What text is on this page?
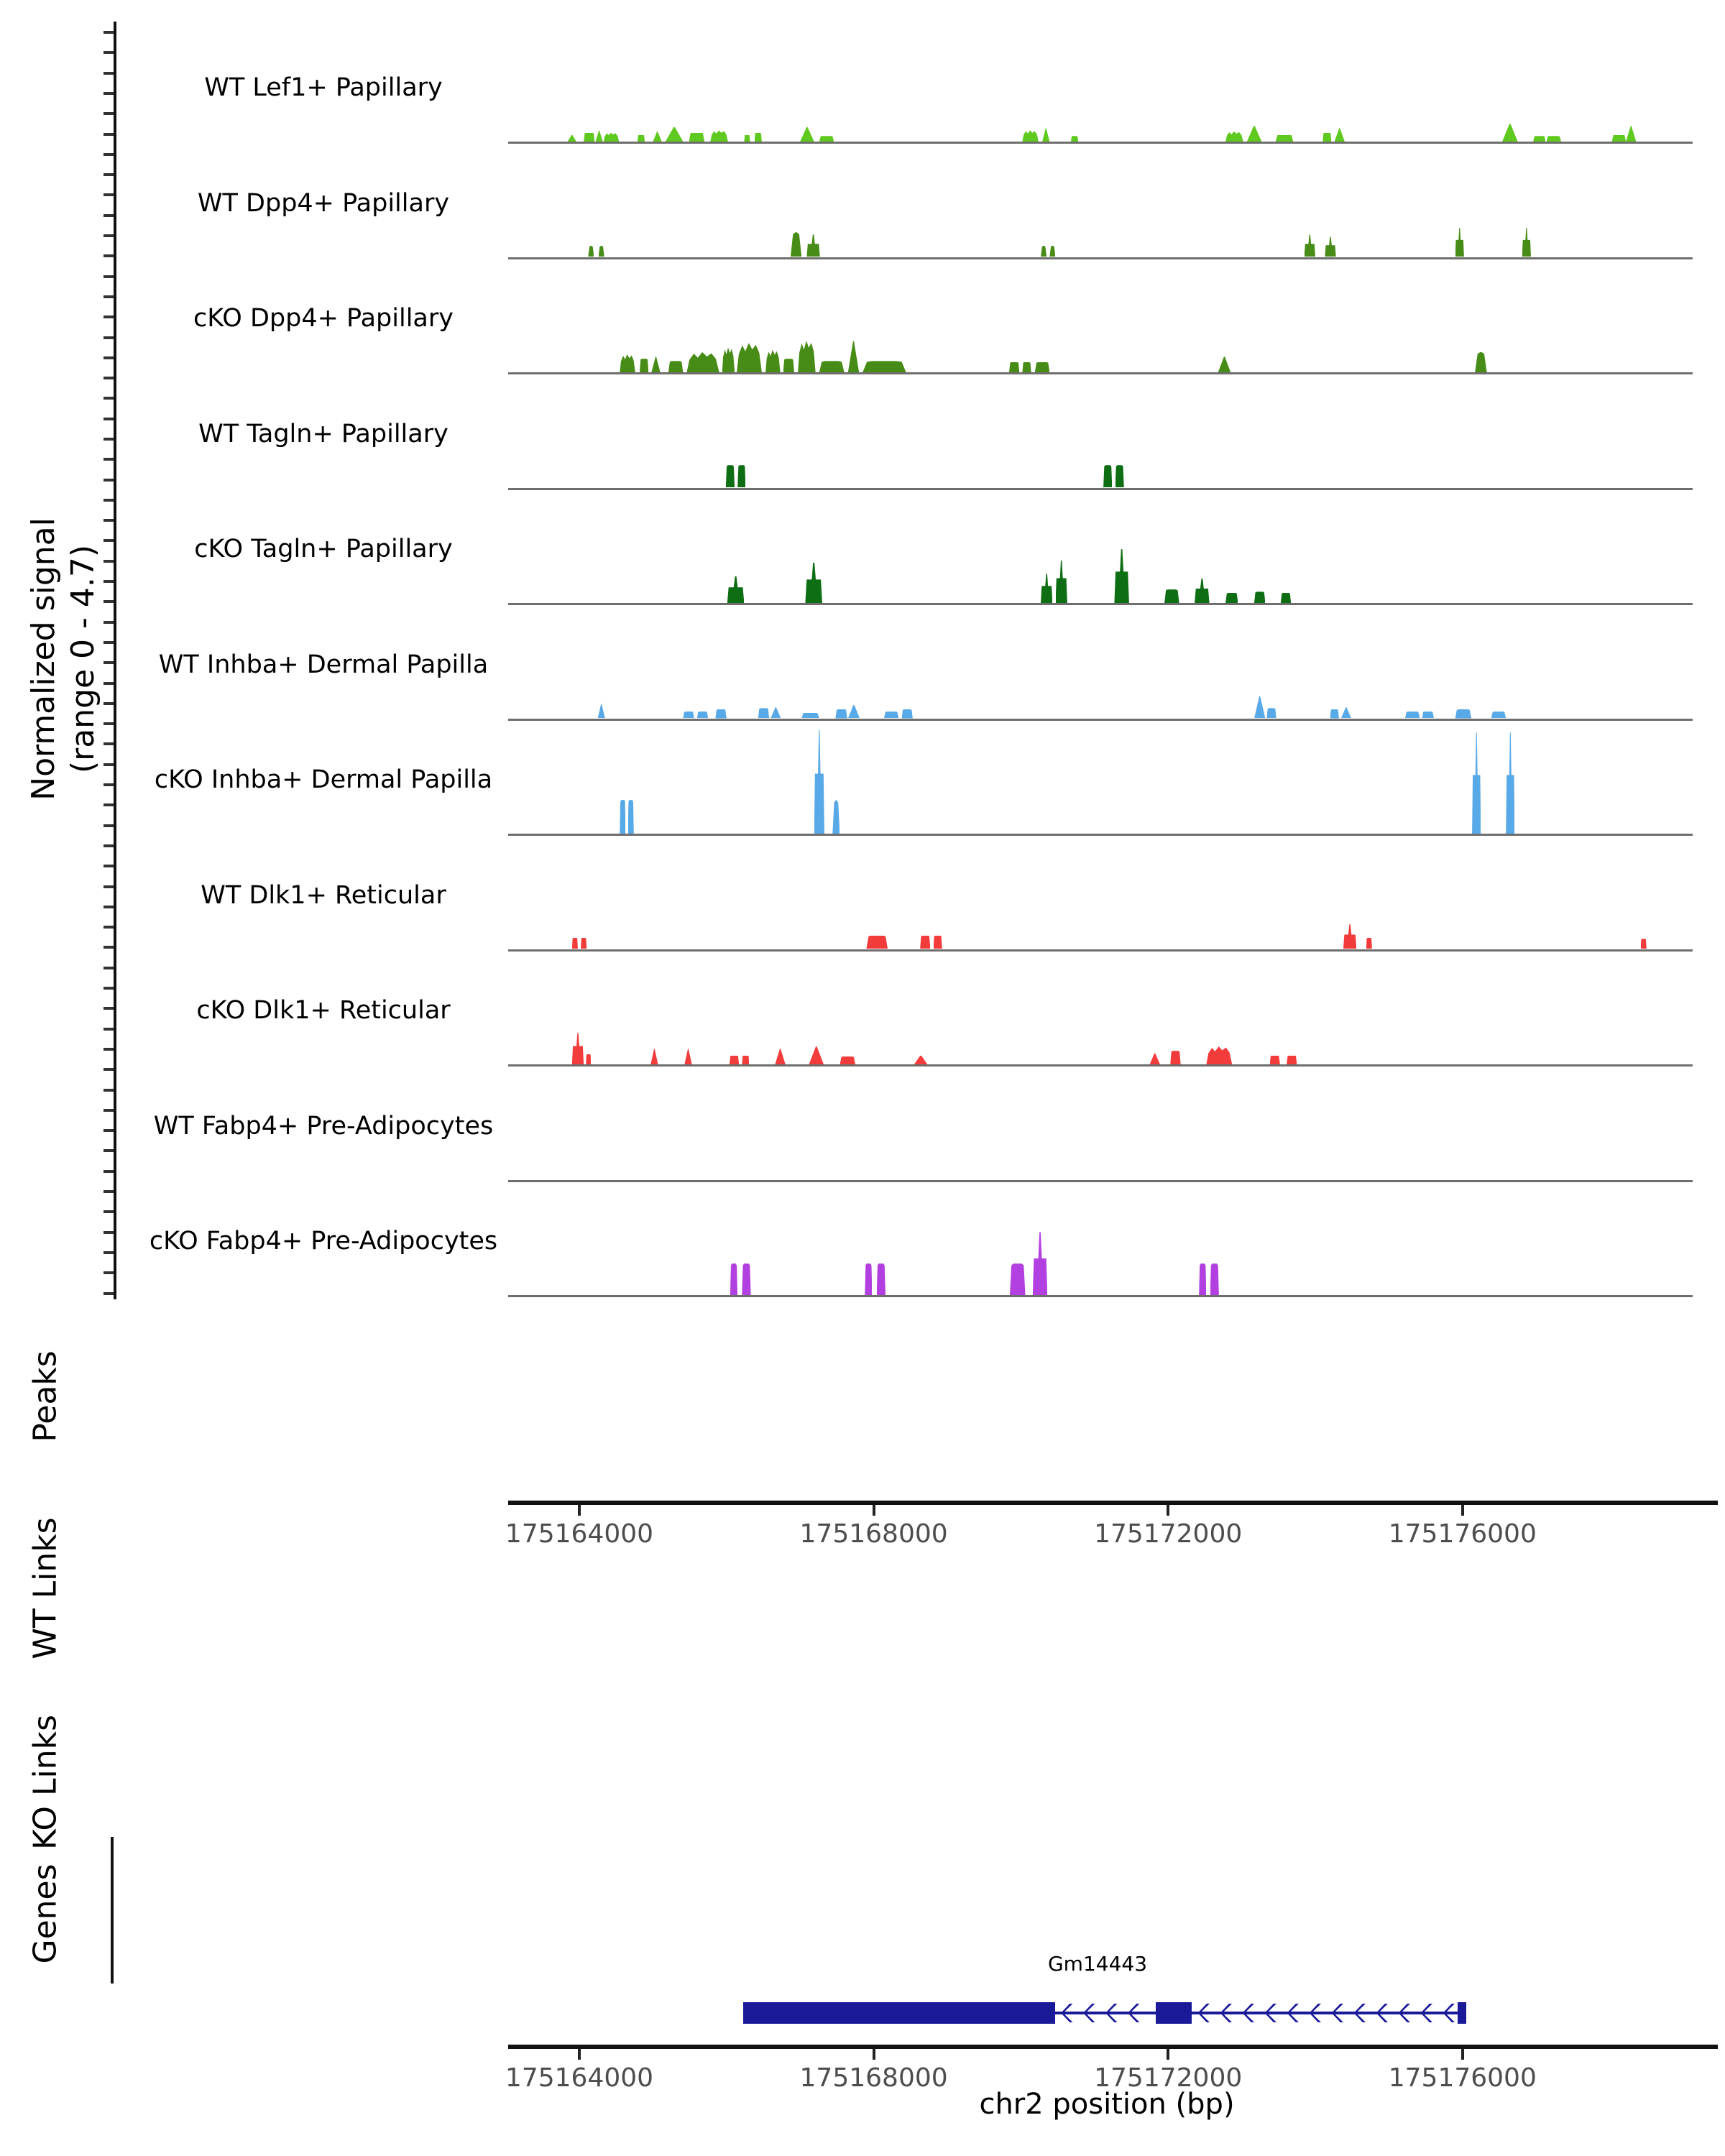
Normalized signal (range 0 - 4.7)
Peaks
WT Links
KO Links
Genes
WT Lef1+ Papillary
WT Dpp4+ Papillary
cKO Dpp4+ Papillary
WT Tagln+ Papillary
cKO Tagln+ Papillary
WT Inhba+ Dermal Papilla
cKO Inhba+ Dermal Papilla
WT Dlk1+ Reticular
cKO Dlk1+ Reticular
WT Fabp4+ Pre-Adipocytes
cKO Fabp4+ Pre-Adipocytes
175164000	175168000	175172000	175176000
175164000	175168000	175172000	175176000
Gm14443
chr2 position (bp)
